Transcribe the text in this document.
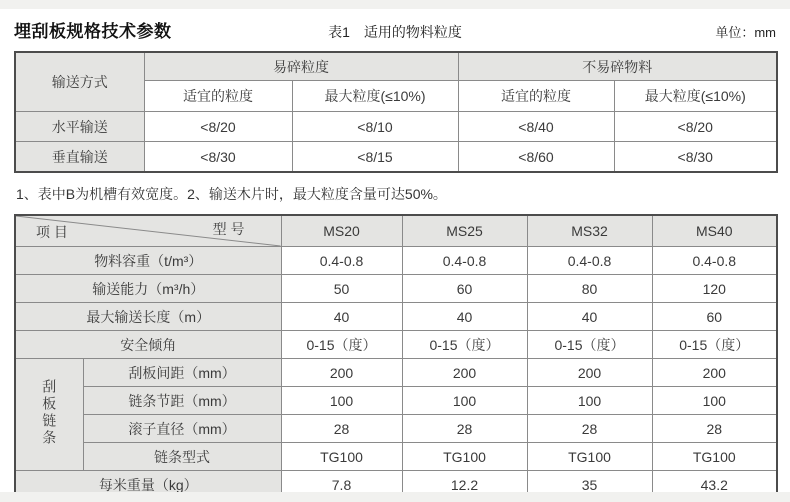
埋刮板规格技术参数	表1　适用的物料粒度	单位：mm
输送方式	易碎粒度		不易碎物料	
	适宜的粒度	最大粒度(≤10%)	适宜的粒度	最大粒度(≤10%)
水平输送	<8/20	<8/10	<8/40	<8/20
垂直输送	<8/30	<8/15	<8/60	<8/30
1、表中B为机槽有效宽度。2、输送木片时，最大粒度含量可达50%。
型 号
项 目		MS20	MS25	MS32	MS40
物料容重（t/m³）		0.4-0.8	0.4-0.8	0.4-0.8	0.4-0.8
输送能力（m³/h）		50	60	80	120
最大输送长度（m）		40	40	40	60
安全倾角		0-15（度）	0-15（度）	0-15（度）	0-15（度）
刮板链条	刮板间距（mm）	200	200	200	200
	链条节距（mm）	100	100	100	100
	滚子直径（mm）	28	28	28	28
	链条型式	TG100	TG100	TG100	TG100
每米重量（kg）		7.8	12.2	35	43.2
